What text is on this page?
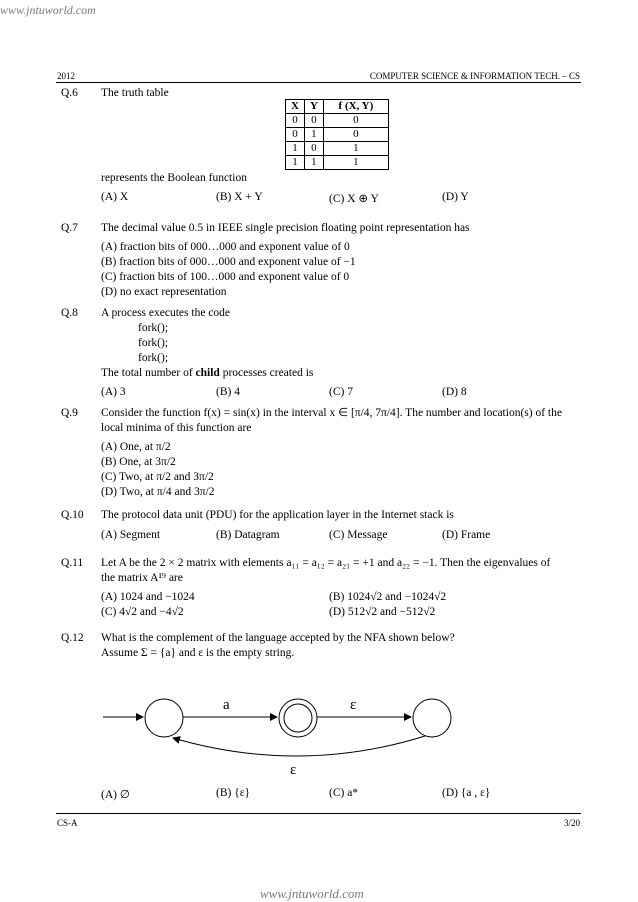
www.jntuworld.com
www.jntuworld.com
2012	COMPUTER SCIENCE & INFORMATION TECH. – CS
Q.6 The truth table
X	Y	f (X, Y)
0	0	0
0	1	0
1	0	1
1	1	1
represents the Boolean function
(A) X	(B) X + Y	(C) X ⊕ Y	(D) Y
Q.7 The decimal value 0.5 in IEEE single precision floating point representation has
(A) fraction bits of 000…000 and exponent value of 0
(B) fraction bits of 000…000 and exponent value of −1
(C) fraction bits of 100…000 and exponent value of 0
(D) no exact representation
Q.8 A process executes the code
fork();
fork();
fork();
The total number of child processes created is
(A) 3	(B) 4	(C) 7	(D) 8
Q.9 Consider the function f(x) = sin(x) in the interval x ∈ [π/4, 7π/4]. The number and location(s) of the
local minima of this function are
(A) One, at π/2
(B) One, at 3π/2
(C) Two, at π/2 and 3π/2
(D) Two, at π/4 and 3π/2
Q.10 The protocol data unit (PDU) for the application layer in the Internet stack is
(A) Segment	(B) Datagram	(C) Message	(D) Frame
Q.11 Let A be the 2 × 2 matrix with elements a₁₁ = a₁₂ = a₂₁ = +1 and a₂₂ = −1. Then the eigenvalues of
the matrix A¹⁹ are
(A) 1024 and −1024	(B) 1024√2 and −1024√2
(C) 4√2 and −4√2	(D) 512√2 and −512√2
Q.12 What is the complement of the language accepted by the NFA shown below?
Assume Σ = {a} and ε is the empty string.
a	ε
ε
(A) ∅	(B) {ε}	(C) a*	(D) {a , ε}
CS-A	3/20
